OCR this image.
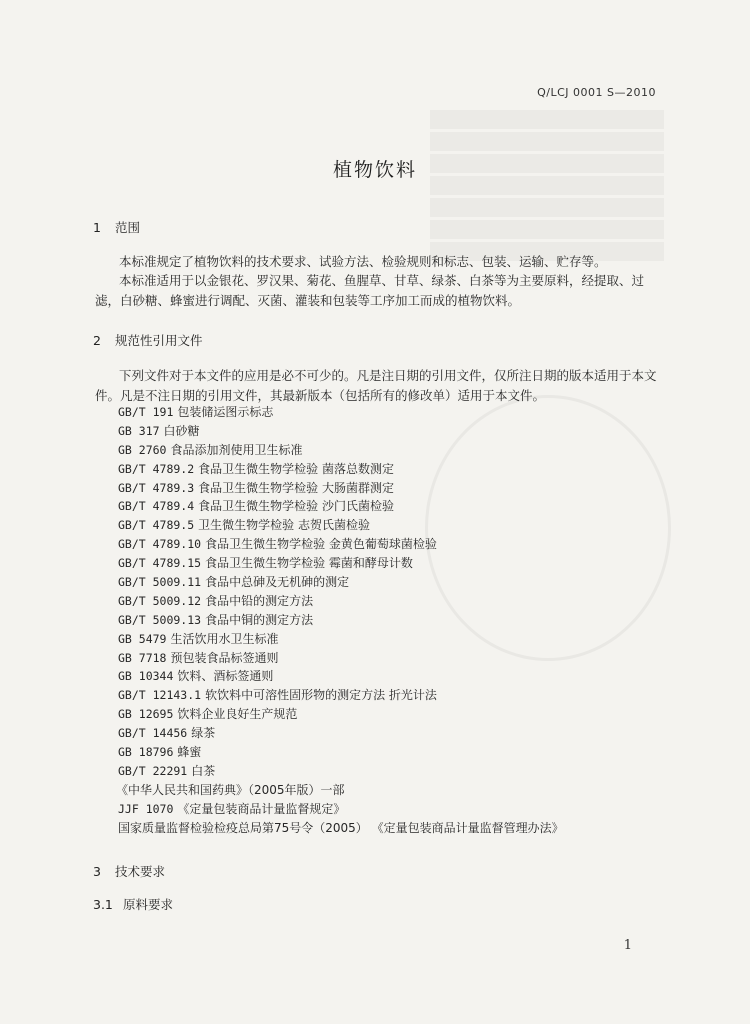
Q/LCJ 0001 S—2010
植物饮料
1 范围

本标准规定了植物饮料的技术要求、试验方法、检验规则和标志、包装、运输、贮存等。

本标准适用于以金银花、罗汉果、菊花、鱼腥草、甘草、绿茶、白茶等为主要原料，经提取、过滤，白砂糖、蜂蜜进行调配、灭菌、灌装和包装等工序加工而成的植物饮料。

2 规范性引用文件

下列文件对于本文件的应用是必不可少的。凡是注日期的引用文件，仅所注日期的版本适用于本文件。凡是不注日期的引用文件，其最新版本（包括所有的修改单）适用于本文件。

GB/T 191 包装储运图示标志
GB 317 白砂糖
GB 2760 食品添加剂使用卫生标准
GB/T 4789.2 食品卫生微生物学检验 菌落总数测定
GB/T 4789.3 食品卫生微生物学检验 大肠菌群测定
GB/T 4789.4 食品卫生微生物学检验 沙门氏菌检验
GB/T 4789.5 卫生微生物学检验 志贺氏菌检验
GB/T 4789.10 食品卫生微生物学检验 金黄色葡萄球菌检验
GB/T 4789.15 食品卫生微生物学检验 霉菌和酵母计数
GB/T 5009.11 食品中总砷及无机砷的测定
GB/T 5009.12 食品中铅的测定方法
GB/T 5009.13 食品中铜的测定方法
GB 5479 生活饮用水卫生标准
GB 7718 预包装食品标签通则
GB 10344 饮料、酒标签通则
GB/T 12143.1 软饮料中可溶性固形物的测定方法 折光计法
GB 12695 饮料企业良好生产规范
GB/T 14456 绿茶
GB 18796 蜂蜜
GB/T 22291 白茶
《中华人民共和国药典》（2005年版）一部
JJF 1070 《定量包装商品计量监督规定》
国家质量监督检验检疫总局第75号令（2005） 《定量包装商品计量监督管理办法》
3 技术要求
3.1 原料要求
1
